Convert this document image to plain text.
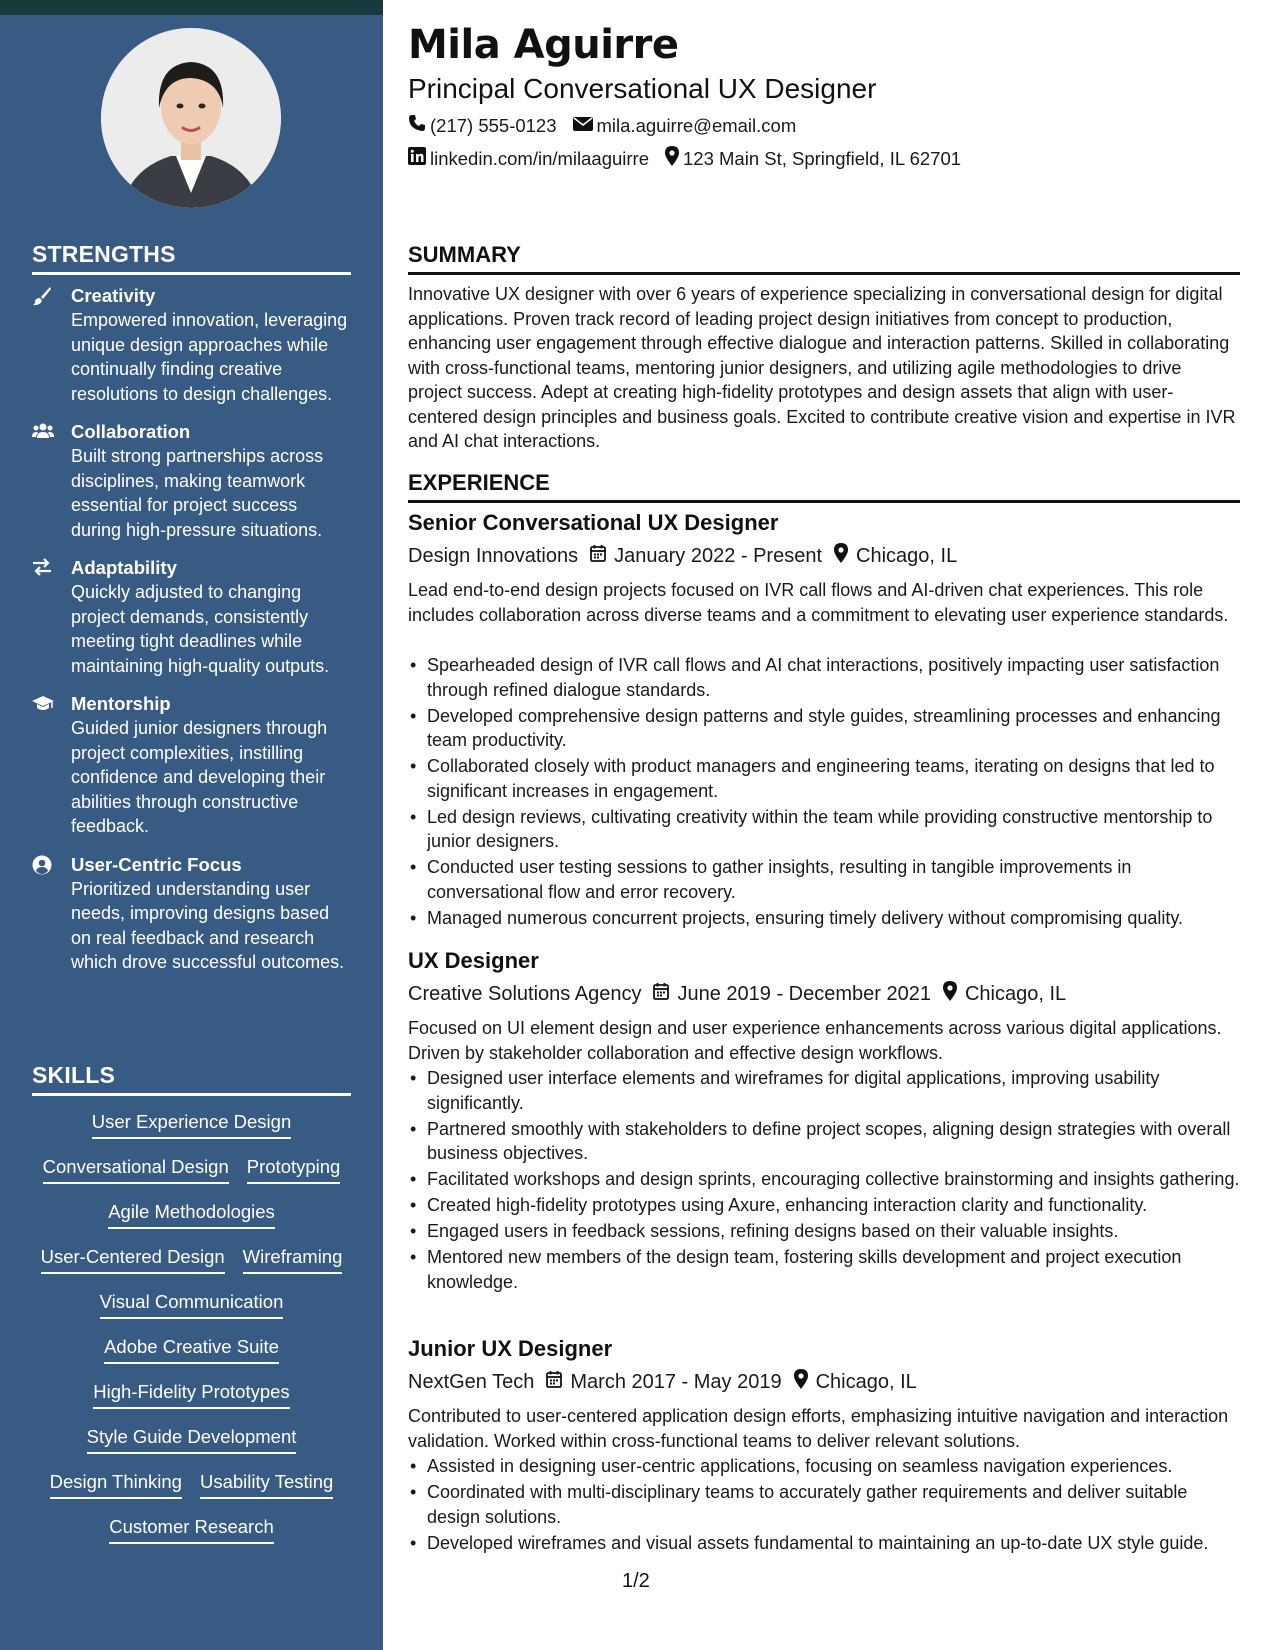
STRENGTHS
Creativity
Empowered innovation, leveraging unique design approaches while continually finding creative resolutions to design challenges.
Collaboration
Built strong partnerships across disciplines, making teamwork essential for project success during high-pressure situations.
Adaptability
Quickly adjusted to changing project demands, consistently meeting tight deadlines while maintaining high-quality outputs.
Mentorship
Guided junior designers through project complexities, instilling confidence and developing their abilities through constructive feedback.
User-Centric Focus
Prioritized understanding user needs, improving designs based on real feedback and research which drove successful outcomes.
SKILLS
User Experience Design
Conversational Design Prototyping
Agile Methodologies
User-Centered Design Wireframing
Visual Communication
Adobe Creative Suite
High-Fidelity Prototypes
Style Guide Development
Design Thinking Usability Testing
Customer Research
Mila Aguirre
Principal Conversational UX Designer
(217) 555-0123 mila.aguirre@email.com
linkedin.com/in/milaaguirre 123 Main St, Springfield, IL 62701
SUMMARY

Innovative UX designer with over 6 years of experience specializing in conversational design for digital applications. Proven track record of leading project design initiatives from concept to production, enhancing user engagement through effective dialogue and interaction patterns. Skilled in collaborating with cross-functional teams, mentoring junior designers, and utilizing agile methodologies to drive project success. Adept at creating high-fidelity prototypes and design assets that align with user-centered design principles and business goals. Excited to contribute creative vision and expertise in IVR and AI chat interactions.

EXPERIENCE
Senior Conversational UX Designer
Design Innovations January 2022 - Present Chicago, IL

Lead end-to-end design projects focused on IVR call flows and AI-driven chat experiences. This role includes collaboration across diverse teams and a commitment to elevating user experience standards.

• Spearheaded design of IVR call flows and AI chat interactions, positively impacting user satisfaction through refined dialogue standards.
• Developed comprehensive design patterns and style guides, streamlining processes and enhancing team productivity.
• Collaborated closely with product managers and engineering teams, iterating on designs that led to significant increases in engagement.
• Led design reviews, cultivating creativity within the team while providing constructive mentorship to junior designers.
• Conducted user testing sessions to gather insights, resulting in tangible improvements in conversational flow and error recovery.
• Managed numerous concurrent projects, ensuring timely delivery without compromising quality.
UX Designer
Creative Solutions Agency June 2019 - December 2021 Chicago, IL

Focused on UI element design and user experience enhancements across various digital applications. Driven by stakeholder collaboration and effective design workflows.

• Designed user interface elements and wireframes for digital applications, improving usability significantly.
• Partnered smoothly with stakeholders to define project scopes, aligning design strategies with overall business objectives.
• Facilitated workshops and design sprints, encouraging collective brainstorming and insights gathering.
• Created high-fidelity prototypes using Axure, enhancing interaction clarity and functionality.
• Engaged users in feedback sessions, refining designs based on their valuable insights.
• Mentored new members of the design team, fostering skills development and project execution knowledge.
Junior UX Designer
NextGen Tech March 2017 - May 2019 Chicago, IL

Contributed to user-centered application design efforts, emphasizing intuitive navigation and interaction validation. Worked within cross-functional teams to deliver relevant solutions.

• Assisted in designing user-centric applications, focusing on seamless navigation experiences.
• Coordinated with multi-disciplinary teams to accurately gather requirements and deliver suitable design solutions.
• Developed wireframes and visual assets fundamental to maintaining an up-to-date UX style guide.
1/2
